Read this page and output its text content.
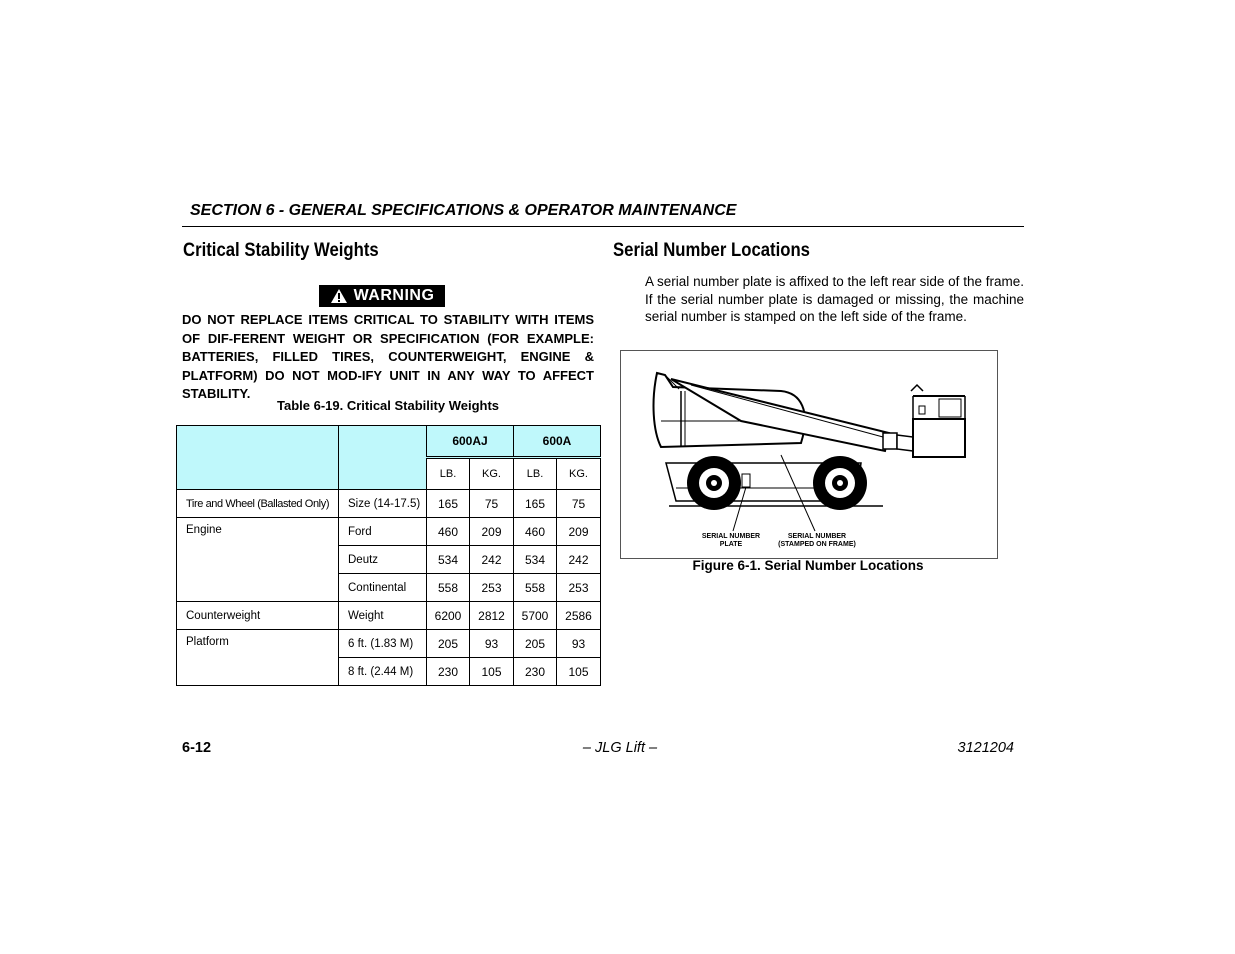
SECTION 6 - GENERAL SPECIFICATIONS & OPERATOR MAINTENANCE
Critical Stability Weights
WARNING
DO NOT REPLACE ITEMS CRITICAL TO STABILITY WITH ITEMS OF DIF-FERENT WEIGHT OR SPECIFICATION (FOR EXAMPLE: BATTERIES, FILLED TIRES, COUNTERWEIGHT, ENGINE & PLATFORM) DO NOT MOD-IFY UNIT IN ANY WAY TO AFFECT STABILITY.
Table 6-19. Critical Stability Weights
		600AJ		600A	
		LB.	KG.	LB.	KG.
Tire and Wheel (Ballasted Only)	Size (14-17.5)	165	75	165	75
Engine	Ford	460	209	460	209
	Deutz	534	242	534	242
	Continental	558	253	558	253
Counterweight	Weight	6200	2812	5700	2586
Platform	6 ft. (1.83 M)	205	93	205	93
	8 ft. (2.44 M)	230	105	230	105
Serial Number Locations
A serial number plate is affixed to the left rear side of the frame. If the serial number plate is damaged or missing, the machine serial number is stamped on the left side of the frame.
SERIAL NUMBER
PLATE
SERIAL NUMBER
(STAMPED ON FRAME)
Figure 6-1. Serial Number Locations
6-12	– JLG Lift –	3121204
